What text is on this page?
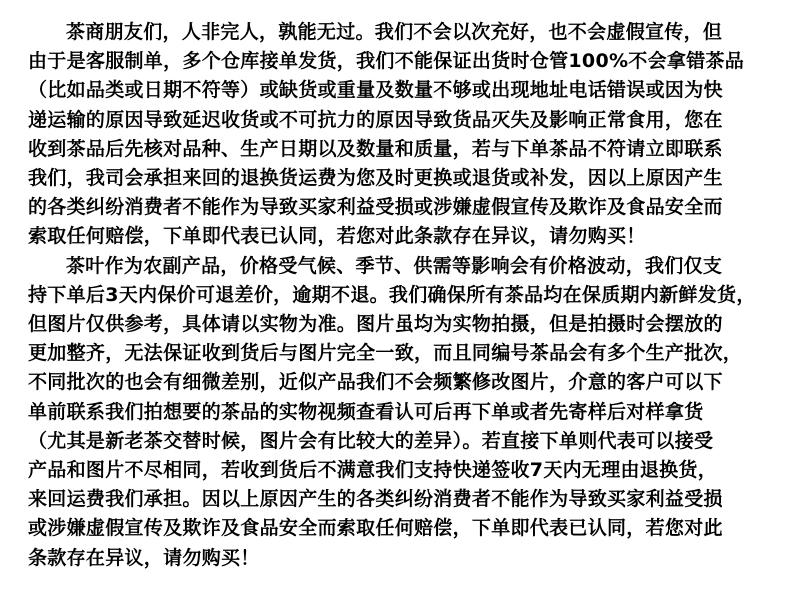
茶商朋友们，人非完人，孰能无过。我们不会以次充好，也不会虚假宣传，但
由于是客服制单，多个仓库接单发货，我们不能保证出货时仓管100%不会拿错茶品
（比如品类或日期不符等）或缺货或重量及数量不够或出现地址电话错误或因为快
递运输的原因导致延迟收货或不可抗力的原因导致货品灭失及影响正常食用，您在
收到茶品后先核对品种、生产日期以及数量和质量，若与下单茶品不符请立即联系
我们，我司会承担来回的退换货运费为您及时更换或退货或补发，因以上原因产生
的各类纠纷消费者不能作为导致买家利益受损或涉嫌虚假宣传及欺诈及食品安全而
索取任何赔偿，下单即代表已认同，若您对此条款存在异议，请勿购买！
茶叶作为农副产品，价格受气候、季节、供需等影响会有价格波动，我们仅支
持下单后3天内保价可退差价，逾期不退。我们确保所有茶品均在保质期内新鲜发货，
但图片仅供参考，具体请以实物为准。图片虽均为实物拍摄，但是拍摄时会摆放的
更加整齐，无法保证收到货后与图片完全一致，而且同编号茶品会有多个生产批次，
不同批次的也会有细微差别，近似产品我们不会频繁修改图片，介意的客户可以下
单前联系我们拍想要的茶品的实物视频查看认可后再下单或者先寄样后对样拿货
（尤其是新老茶交替时候，图片会有比较大的差异）。若直接下单则代表可以接受
产品和图片不尽相同，若收到货后不满意我们支持快递签收7天内无理由退换货，
来回运费我们承担。因以上原因产生的各类纠纷消费者不能作为导致买家利益受损
或涉嫌虚假宣传及欺诈及食品安全而索取任何赔偿，下单即代表已认同，若您对此
条款存在异议，请勿购买！
